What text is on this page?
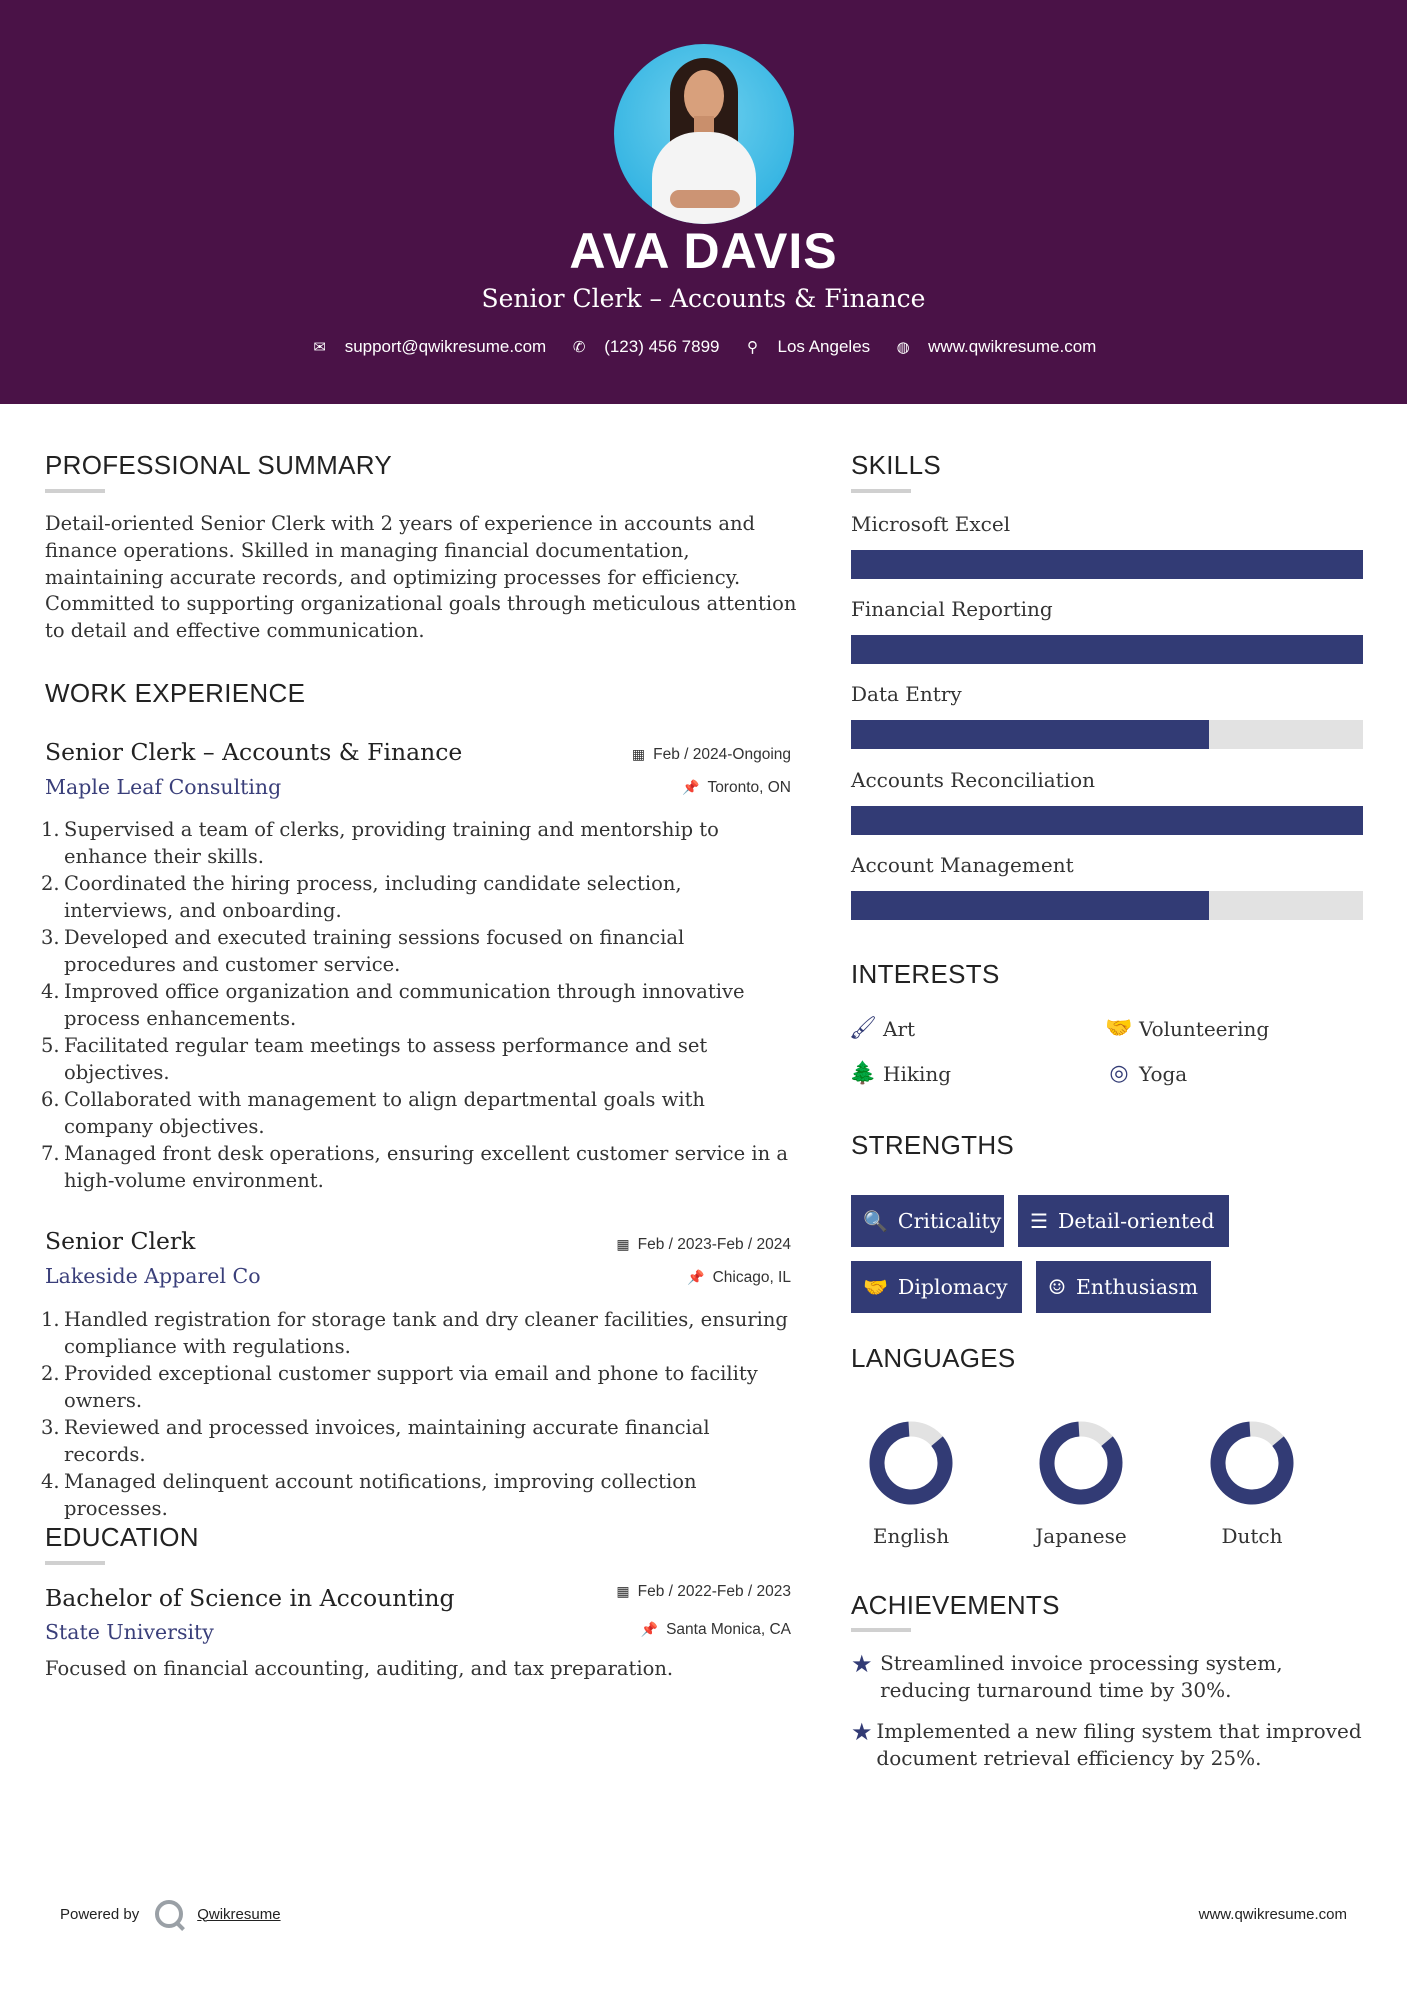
AVA DAVIS
Senior Clerk – Accounts & Finance
✉ support@qwikresume.com ✆ (123) 456 7899 ⚲ Los Angeles ◍ www.qwikresume.com
PROFESSIONAL SUMMARY
Detail-oriented Senior Clerk with 2 years of experience in accounts and finance operations. Skilled in managing financial documentation, maintaining accurate records, and optimizing processes for efficiency. Committed to supporting organizational goals through meticulous attention to detail and effective communication.
WORK EXPERIENCE
Senior Clerk – Accounts & Finance	▦ Feb / 2024-Ongoing
Maple Leaf Consulting	📌 Toronto, ON
Supervised a team of clerks, providing training and mentorship to enhance their skills.
Coordinated the hiring process, including candidate selection, interviews, and onboarding.
Developed and executed training sessions focused on financial procedures and customer service.
Improved office organization and communication through innovative process enhancements.
Facilitated regular team meetings to assess performance and set objectives.
Collaborated with management to align departmental goals with company objectives.
Managed front desk operations, ensuring excellent customer service in a high-volume environment.
Senior Clerk	▦ Feb / 2023-Feb / 2024
Lakeside Apparel Co	📌 Chicago, IL
Handled registration for storage tank and dry cleaner facilities, ensuring compliance with regulations.
Provided exceptional customer support via email and phone to facility owners.
Reviewed and processed invoices, maintaining accurate financial records.
Managed delinquent account notifications, improving collection processes.
EDUCATION
Bachelor of Science in Accounting	▦ Feb / 2022-Feb / 2023
State University	📌 Santa Monica, CA
Focused on financial accounting, auditing, and tax preparation.
SKILLS
Microsoft Excel
Financial Reporting
Data Entry
Accounts Reconciliation
Account Management
INTERESTS
🖌 Art	🤝 Volunteering
🌲 Hiking	◎ Yoga
STRENGTHS
🔍 Criticality ☰ Detail-oriented
🤝 Diplomacy ☺ Enthusiasm
LANGUAGES
English	Japanese	Dutch
ACHIEVEMENTS
★ Streamlined invoice processing system, reducing turnaround time by 30%.
★ Implemented a new filing system that improved document retrieval efficiency by 25%.
Powered by	Qwikresume	www.qwikresume.com
